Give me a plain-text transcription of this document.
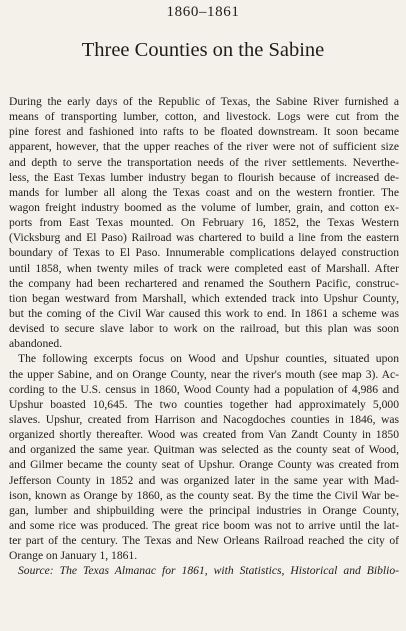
1860–1861
Three Counties on the Sabine
During the early days of the Republic of Texas, the Sabine River furnished a
means of transporting lumber, cotton, and livestock. Logs were cut from the
pine forest and fashioned into rafts to be floated downstream. It soon became
apparent, however, that the upper reaches of the river were not of sufficient size
and depth to serve the transportation needs of the river settlements. Neverthe-
less, the East Texas lumber industry began to flourish because of increased de-
mands for lumber all along the Texas coast and on the western frontier. The
wagon freight industry boomed as the volume of lumber, grain, and cotton ex-
ports from East Texas mounted. On February 16, 1852, the Texas Western
(Vicksburg and El Paso) Railroad was chartered to build a line from the eastern
boundary of Texas to El Paso. Innumerable complications delayed construction
until 1858, when twenty miles of track were completed east of Marshall. After
the company had been rechartered and renamed the Southern Pacific, construc-
tion began westward from Marshall, which extended track into Upshur County,
but the coming of the Civil War caused this work to end. In 1861 a scheme was
devised to secure slave labor to work on the railroad, but this plan was soon
abandoned.
The following excerpts focus on Wood and Upshur counties, situated upon
the upper Sabine, and on Orange County, near the river's mouth (see map 3). Ac-
cording to the U.S. census in 1860, Wood County had a population of 4,986 and
Upshur boasted 10,645. The two counties together had approximately 5,000
slaves. Upshur, created from Harrison and Nacogdoches counties in 1846, was
organized shortly thereafter. Wood was created from Van Zandt County in 1850
and organized the same year. Quitman was selected as the county seat of Wood,
and Gilmer became the county seat of Upshur. Orange County was created from
Jefferson County in 1852 and was organized later in the same year with Mad-
ison, known as Orange by 1860, as the county seat. By the time the Civil War be-
gan, lumber and shipbuilding were the principal industries in Orange County,
and some rice was produced. The great rice boom was not to arrive until the lat-
ter part of the century. The Texas and New Orleans Railroad reached the city of
Orange on January 1, 1861.
Source: The Texas Almanac for 1861, with Statistics, Historical and Biblio-
